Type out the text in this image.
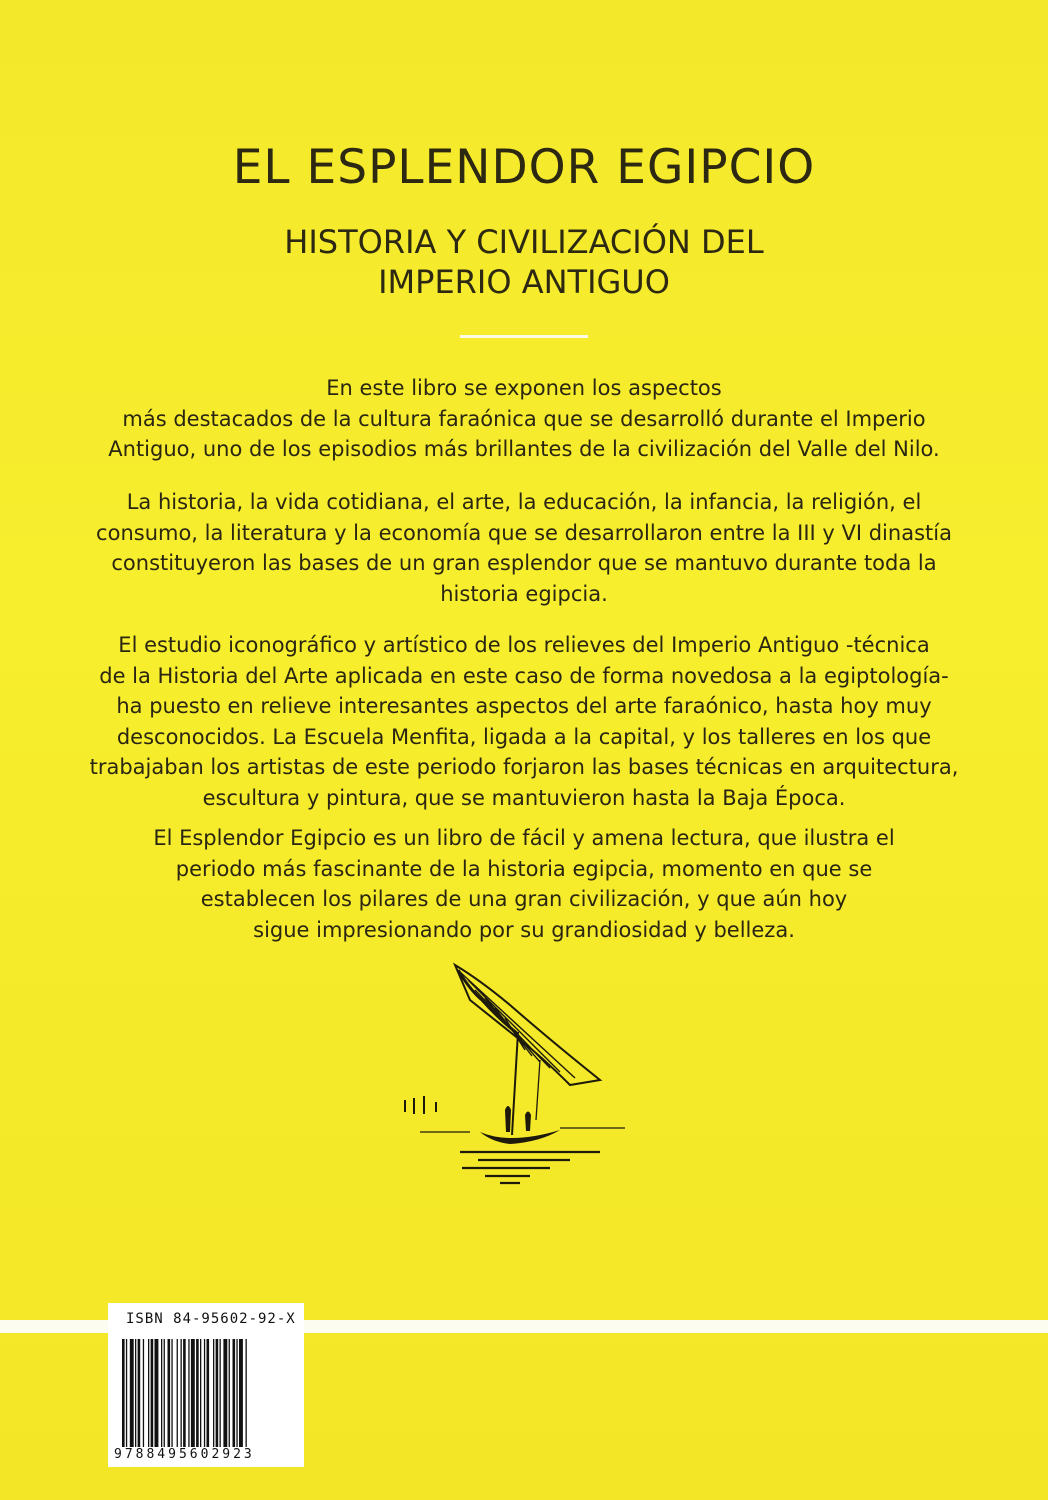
EL ESPLENDOR EGIPCIO
HISTORIA Y CIVILIZACIÓN DEL
IMPERIO ANTIGUO

En este libro se exponen los aspectos
más destacados de la cultura faraónica que se desarrolló durante el Imperio
Antiguo, uno de los episodios más brillantes de la civilización del Valle del Nilo.

La historia, la vida cotidiana, el arte, la educación, la infancia, la religión, el
consumo, la literatura y la economía que se desarrollaron entre la III y VI dinastía
constituyeron las bases de un gran esplendor que se mantuvo durante toda la
historia egipcia.

El estudio iconográfico y artístico de los relieves del Imperio Antiguo -técnica
de la Historia del Arte aplicada en este caso de forma novedosa a la egiptología-
ha puesto en relieve interesantes aspectos del arte faraónico, hasta hoy muy
desconocidos. La Escuela Menfita, ligada a la capital, y los talleres en los que
trabajaban los artistas de este periodo forjaron las bases técnicas en arquitectura,
escultura y pintura, que se mantuvieron hasta la Baja Época.

El Esplendor Egipcio es un libro de fácil y amena lectura, que ilustra el
periodo más fascinante de la historia egipcia, momento en que se
establecen los pilares de una gran civilización, y que aún hoy
sigue impresionando por su grandiosidad y belleza.

ISBN 84-95602-92-X
9788495602923
